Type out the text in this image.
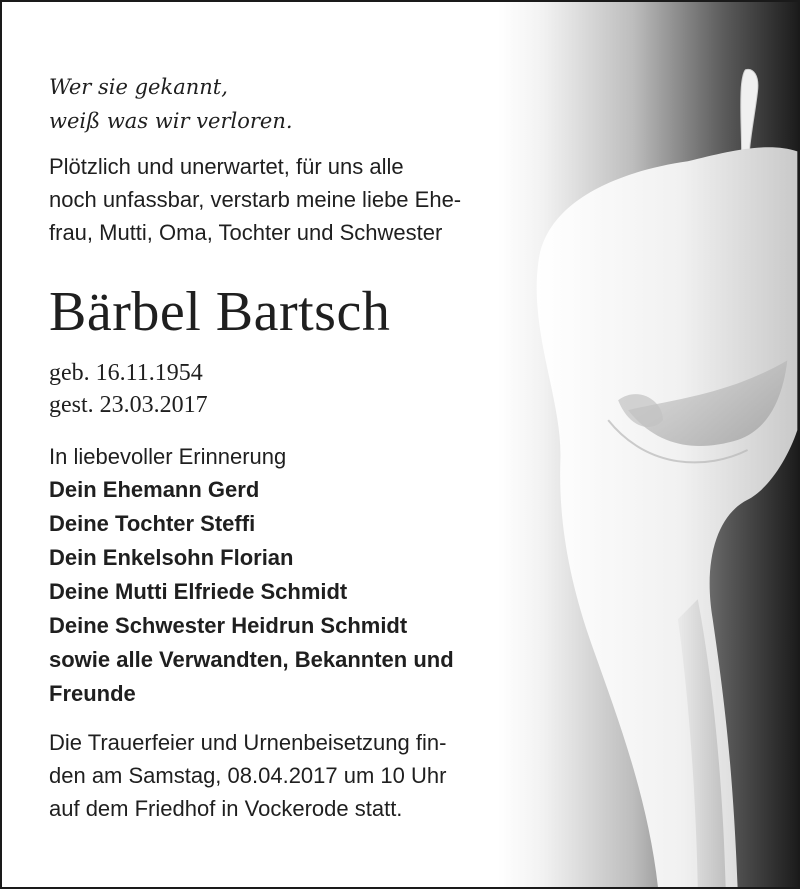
Wer sie gekannt,
weiß was wir verloren.
Plötzlich und unerwartet, für uns alle
noch unfassbar, verstarb meine liebe Ehe-
frau, Mutti, Oma, Tochter und Schwester
Bärbel Bartsch
geb. 16.11.1954
gest. 23.03.2017
In liebevoller Erinnerung
Dein Ehemann Gerd
Deine Tochter Steffi
Dein Enkelsohn Florian
Deine Mutti Elfriede Schmidt
Deine Schwester Heidrun Schmidt
sowie alle Verwandten, Bekannten und
Freunde
Die Trauerfeier und Urnenbeisetzung fin-
den am Samstag, 08.04.2017 um 10 Uhr
auf dem Friedhof in Vockerode statt.
